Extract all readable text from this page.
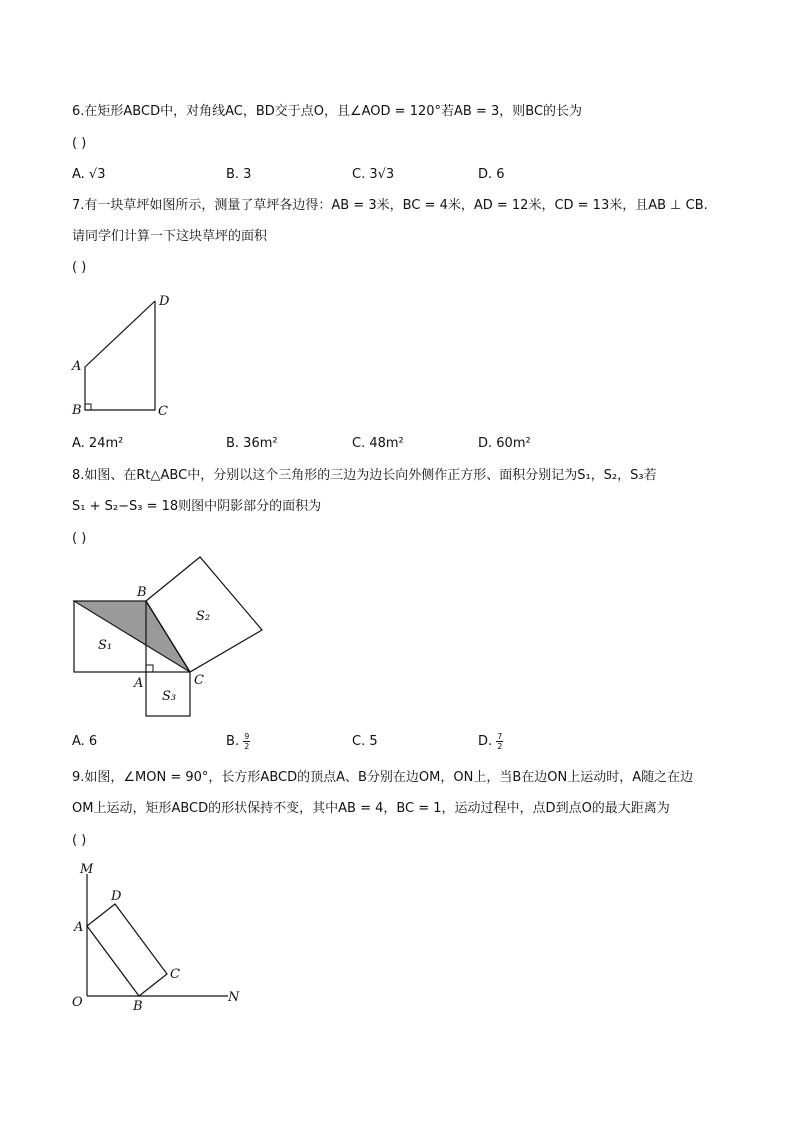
6.在矩形ABCD中，对角线AC，BD交于点O，且∠AOD = 120°若AB = 3，则BC的长为
( )
A. √3	B. 3	C. 3√3	D. 6
7.有一块草坪如图所示，测量了草坪各边得：AB = 3米，BC = 4米，AD = 12米，CD = 13米，且AB ⊥ CB.
请同学们计算一下这块草坪的面积
( )
D
A
B	C
A. 24m²	B. 36m²	C. 48m²	D. 60m²
8.如图、在Rt△ABC中，分别以这个三角形的三边为边长向外侧作正方形、面积分别记为S₁，S₂，S₃若
S₁ + S₂−S₃ = 18则图中阴影部分的面积为
( )
B
S₂
S₁
A	C
S₃
A. 6	B. $\frac{9}{2}$	C. 5	D. $\frac{7}{2}$
9.如图，∠MON = 90°，长方形ABCD的顶点A、B分别在边OM，ON上，当B在边ON上运动时，A随之在边
OM上运动，矩形ABCD的形状保持不变，其中AB = 4，BC = 1，运动过程中，点D到点O的最大距离为
( )
M
D
A
C
O	B
N
